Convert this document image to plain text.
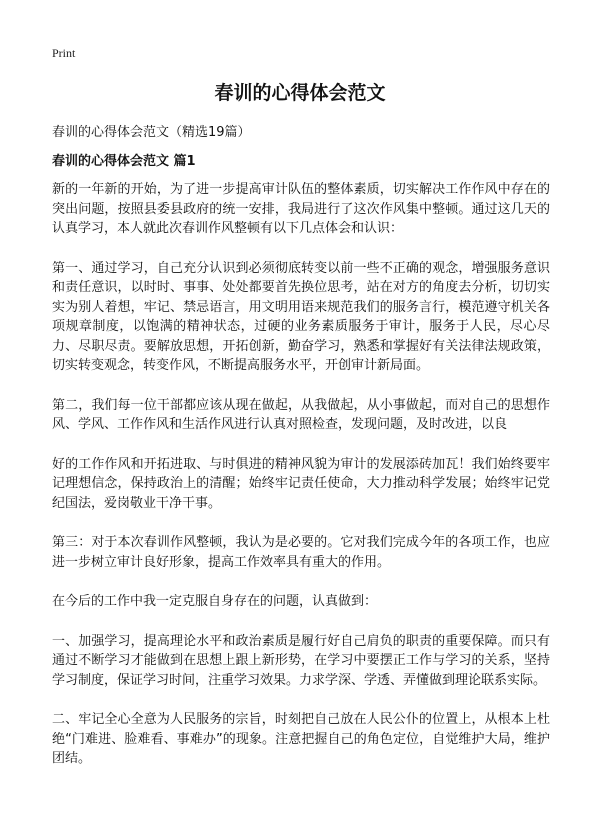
Print
春训的心得体会范文

春训的心得体会范文（精选19篇）

春训的心得体会范文 篇1

新的一年新的开始，为了进一步提高审计队伍的整体素质，切实解决工作作风中存在的突出问题，按照县委县政府的统一安排，我局进行了这次作风集中整顿。通过这几天的认真学习，本人就此次春训作风整顿有以下几点体会和认识：

第一、通过学习，自己充分认识到必须彻底转变以前一些不正确的观念，增强服务意识和责任意识，以时时、事事、处处都要首先换位思考，站在对方的角度去分析，切切实实为别人着想，牢记、禁忌语言，用文明用语来规范我们的服务言行，模范遵守机关各项规章制度，以饱满的精神状态，过硬的业务素质服务于审计，服务于人民，尽心尽力、尽职尽责。要解放思想，开拓创新，勤奋学习，熟悉和掌握好有关法律法规政策，切实转变观念，转变作风，不断提高服务水平，开创审计新局面。

第二，我们每一位干部都应该从现在做起，从我做起，从小事做起，而对自己的思想作风、学风、工作作风和生活作风进行认真对照检查，发现问题，及时改进，以良

好的工作作风和开拓进取、与时俱进的精神风貌为审计的发展添砖加瓦！我们始终要牢记理想信念，保持政治上的清醒；始终牢记责任使命，大力推动科学发展；始终牢记党纪国法，爱岗敬业干净干事。

第三：对于本次春训作风整顿，我认为是必要的。它对我们完成今年的各项工作，也应进一步树立审计良好形象，提高工作效率具有重大的作用。

在今后的工作中我一定克服自身存在的问题，认真做到：

一、加强学习，提高理论水平和政治素质是履行好自己肩负的职责的重要保障。而只有通过不断学习才能做到在思想上跟上新形势，在学习中要摆正工作与学习的关系，坚持学习制度，保证学习时间，注重学习效果。力求学深、学透、弄懂做到理论联系实际。

二、牢记全心全意为人民服务的宗旨，时刻把自己放在人民公仆的位置上，从根本上杜绝“门难进、脸难看、事难办”的现象。注意把握自己的角色定位，自觉维护大局，维护团结。
